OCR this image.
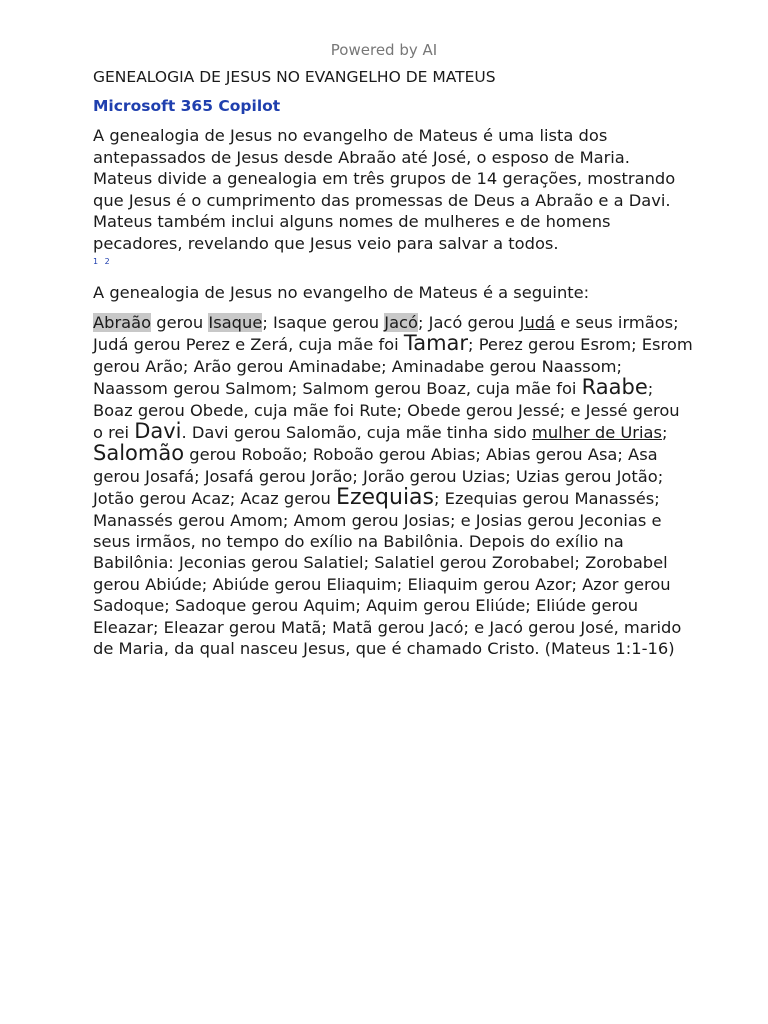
Powered by AI
GENEALOGIA DE JESUS NO EVANGELHO DE MATEUS
Microsoft 365 Copilot
A genealogia de Jesus no evangelho de Mateus é uma lista dos antepassados de Jesus desde Abraão até José, o esposo de Maria. Mateus divide a genealogia em três grupos de 14 gerações, mostrando que Jesus é o cumprimento das promessas de Deus a Abraão e a Davi. Mateus também inclui alguns nomes de mulheres e de homens pecadores, revelando que Jesus veio para salvar a todos.
1 2
A genealogia de Jesus no evangelho de Mateus é a seguinte:
Abraão gerou Isaque; Isaque gerou Jacó; Jacó gerou Judá e seus irmãos; Judá gerou Perez e Zerá, cuja mãe foi Tamar; Perez gerou Esrom; Esrom gerou Arão; Arão gerou Aminadabe; Aminadabe gerou Naassom; Naassom gerou Salmom; Salmom gerou Boaz, cuja mãe foi Raabe; Boaz gerou Obede, cuja mãe foi Rute; Obede gerou Jessé; e Jessé gerou o rei Davi. Davi gerou Salomão, cuja mãe tinha sido mulher de Urias; Salomão gerou Roboão; Roboão gerou Abias; Abias gerou Asa; Asa gerou Josafá; Josafá gerou Jorão; Jorão gerou Uzias; Uzias gerou Jotão; Jotão gerou Acaz; Acaz gerou Ezequias; Ezequias gerou Manassés; Manassés gerou Amom; Amom gerou Josias; e Josias gerou Jeconias e seus irmãos, no tempo do exílio na Babilônia. Depois do exílio na Babilônia: Jeconias gerou Salatiel; Salatiel gerou Zorobabel; Zorobabel gerou Abiúde; Abiúde gerou Eliaquim; Eliaquim gerou Azor; Azor gerou Sadoque; Sadoque gerou Aquim; Aquim gerou Eliúde; Eliúde gerou Eleazar; Eleazar gerou Matã; Matã gerou Jacó; e Jacó gerou José, marido de Maria, da qual nasceu Jesus, que é chamado Cristo. (Mateus 1:1-16)
